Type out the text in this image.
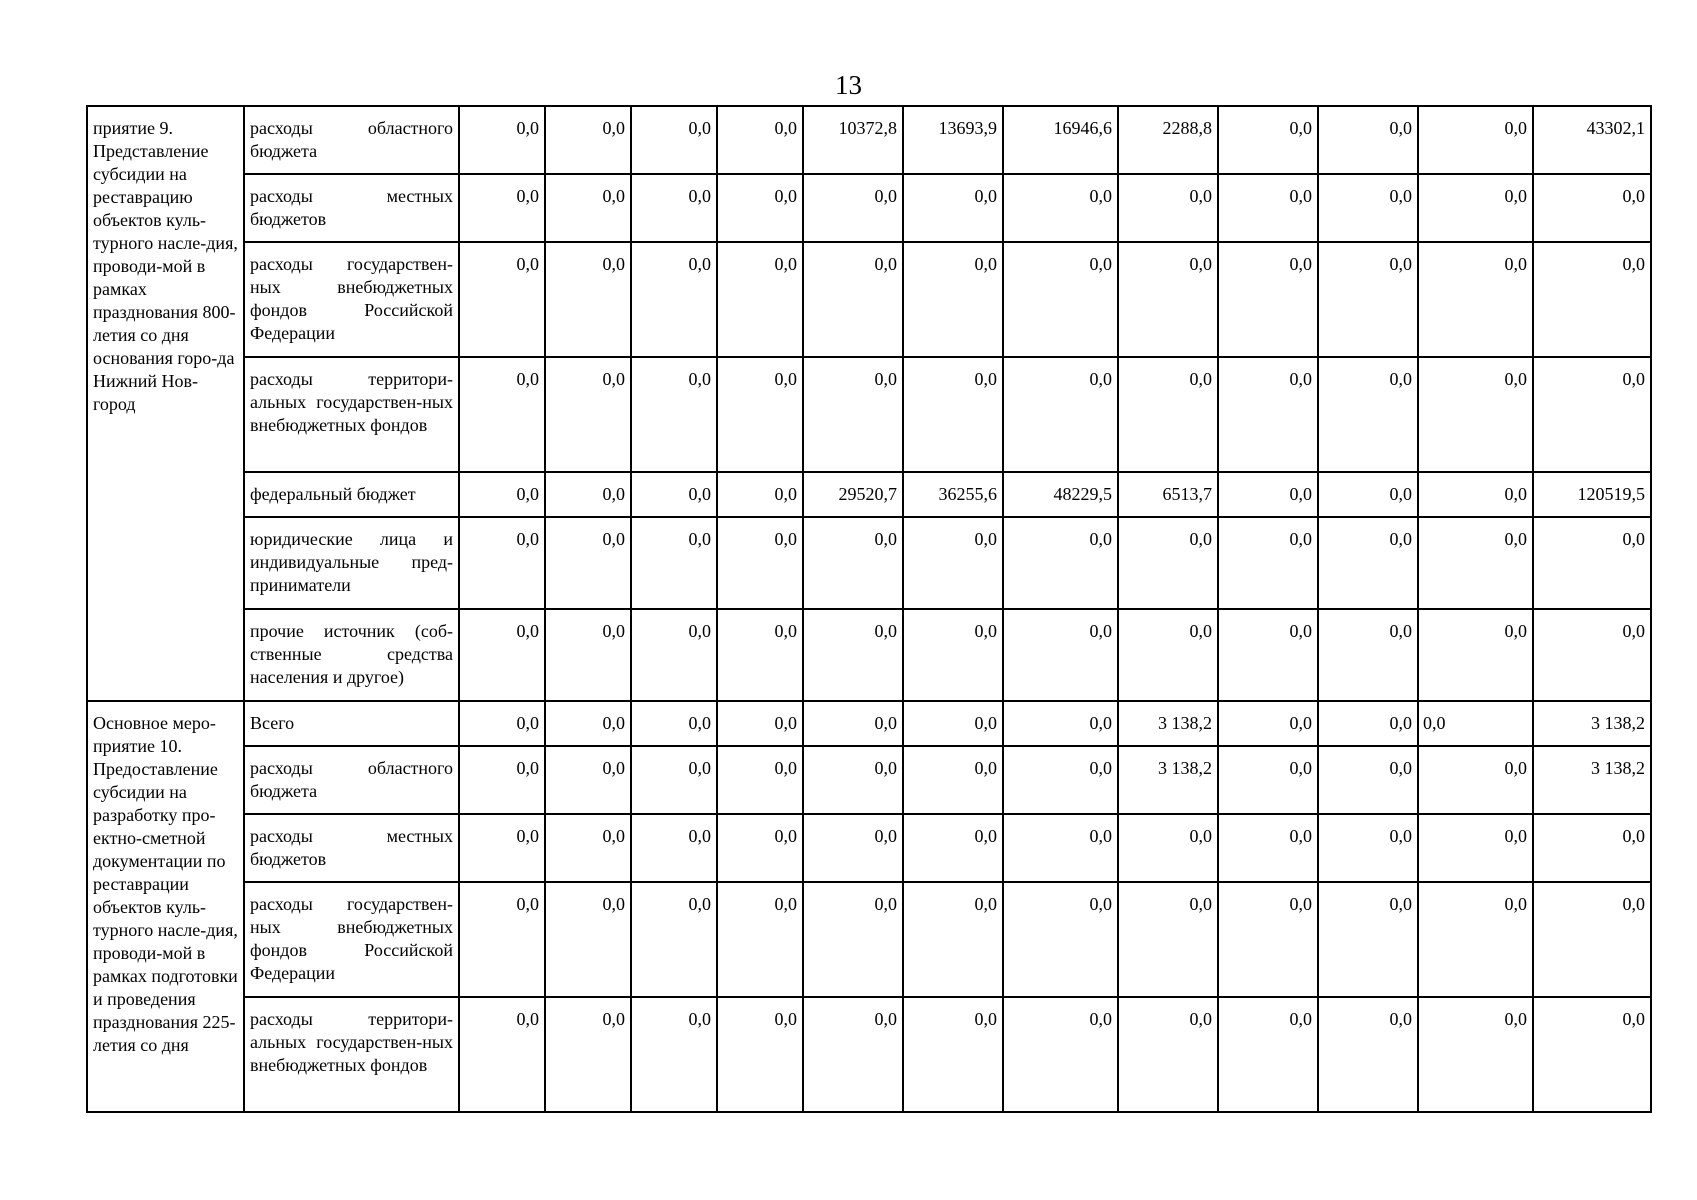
13
приятие 9. Представление субсидии на реставрацию объектов куль-турного насле-дия, проводи-мой в рамках празднования 800-летия со дня основания горо-да Нижний Нов-город	расходы областного бюджета	0,0	0,0	0,0	0,0	10372,8	13693,9	16946,6	2288,8	0,0	0,0	0,0	43302,1
	расходы местных бюджетов	0,0	0,0	0,0	0,0	0,0	0,0	0,0	0,0	0,0	0,0	0,0	0,0
	расходы государствен-ных внебюджетных фондов Российской Федерации	0,0	0,0	0,0	0,0	0,0	0,0	0,0	0,0	0,0	0,0	0,0	0,0
	расходы территори-альных государствен-ных внебюджетных фондов	0,0	0,0	0,0	0,0	0,0	0,0	0,0	0,0	0,0	0,0	0,0	0,0
	федеральный бюджет	0,0	0,0	0,0	0,0	29520,7	36255,6	48229,5	6513,7	0,0	0,0	0,0	120519,5
	юридические лица и индивидуальные пред-приниматели	0,0	0,0	0,0	0,0	0,0	0,0	0,0	0,0	0,0	0,0	0,0	0,0
	прочие источник (соб-ственные средства населения и другое)	0,0	0,0	0,0	0,0	0,0	0,0	0,0	0,0	0,0	0,0	0,0	0,0
Основное меро-приятие 10. Предоставление субсидии на разработку про-ектно-сметной документации по реставрации объектов куль-турного насле-дия, проводи-мой в рамках подготовки и проведения празднования 225-летия со дня	Всего	0,0	0,0	0,0	0,0	0,0	0,0	0,0	3 138,2	0,0	0,0	0,0	3 138,2
	расходы областного бюджета	0,0	0,0	0,0	0,0	0,0	0,0	0,0	3 138,2	0,0	0,0	0,0	3 138,2
	расходы местных бюджетов	0,0	0,0	0,0	0,0	0,0	0,0	0,0	0,0	0,0	0,0	0,0	0,0
	расходы государствен-ных внебюджетных фондов Российской Федерации	0,0	0,0	0,0	0,0	0,0	0,0	0,0	0,0	0,0	0,0	0,0	0,0
	расходы территори-альных государствен-ных внебюджетных фондов	0,0	0,0	0,0	0,0	0,0	0,0	0,0	0,0	0,0	0,0	0,0	0,0
